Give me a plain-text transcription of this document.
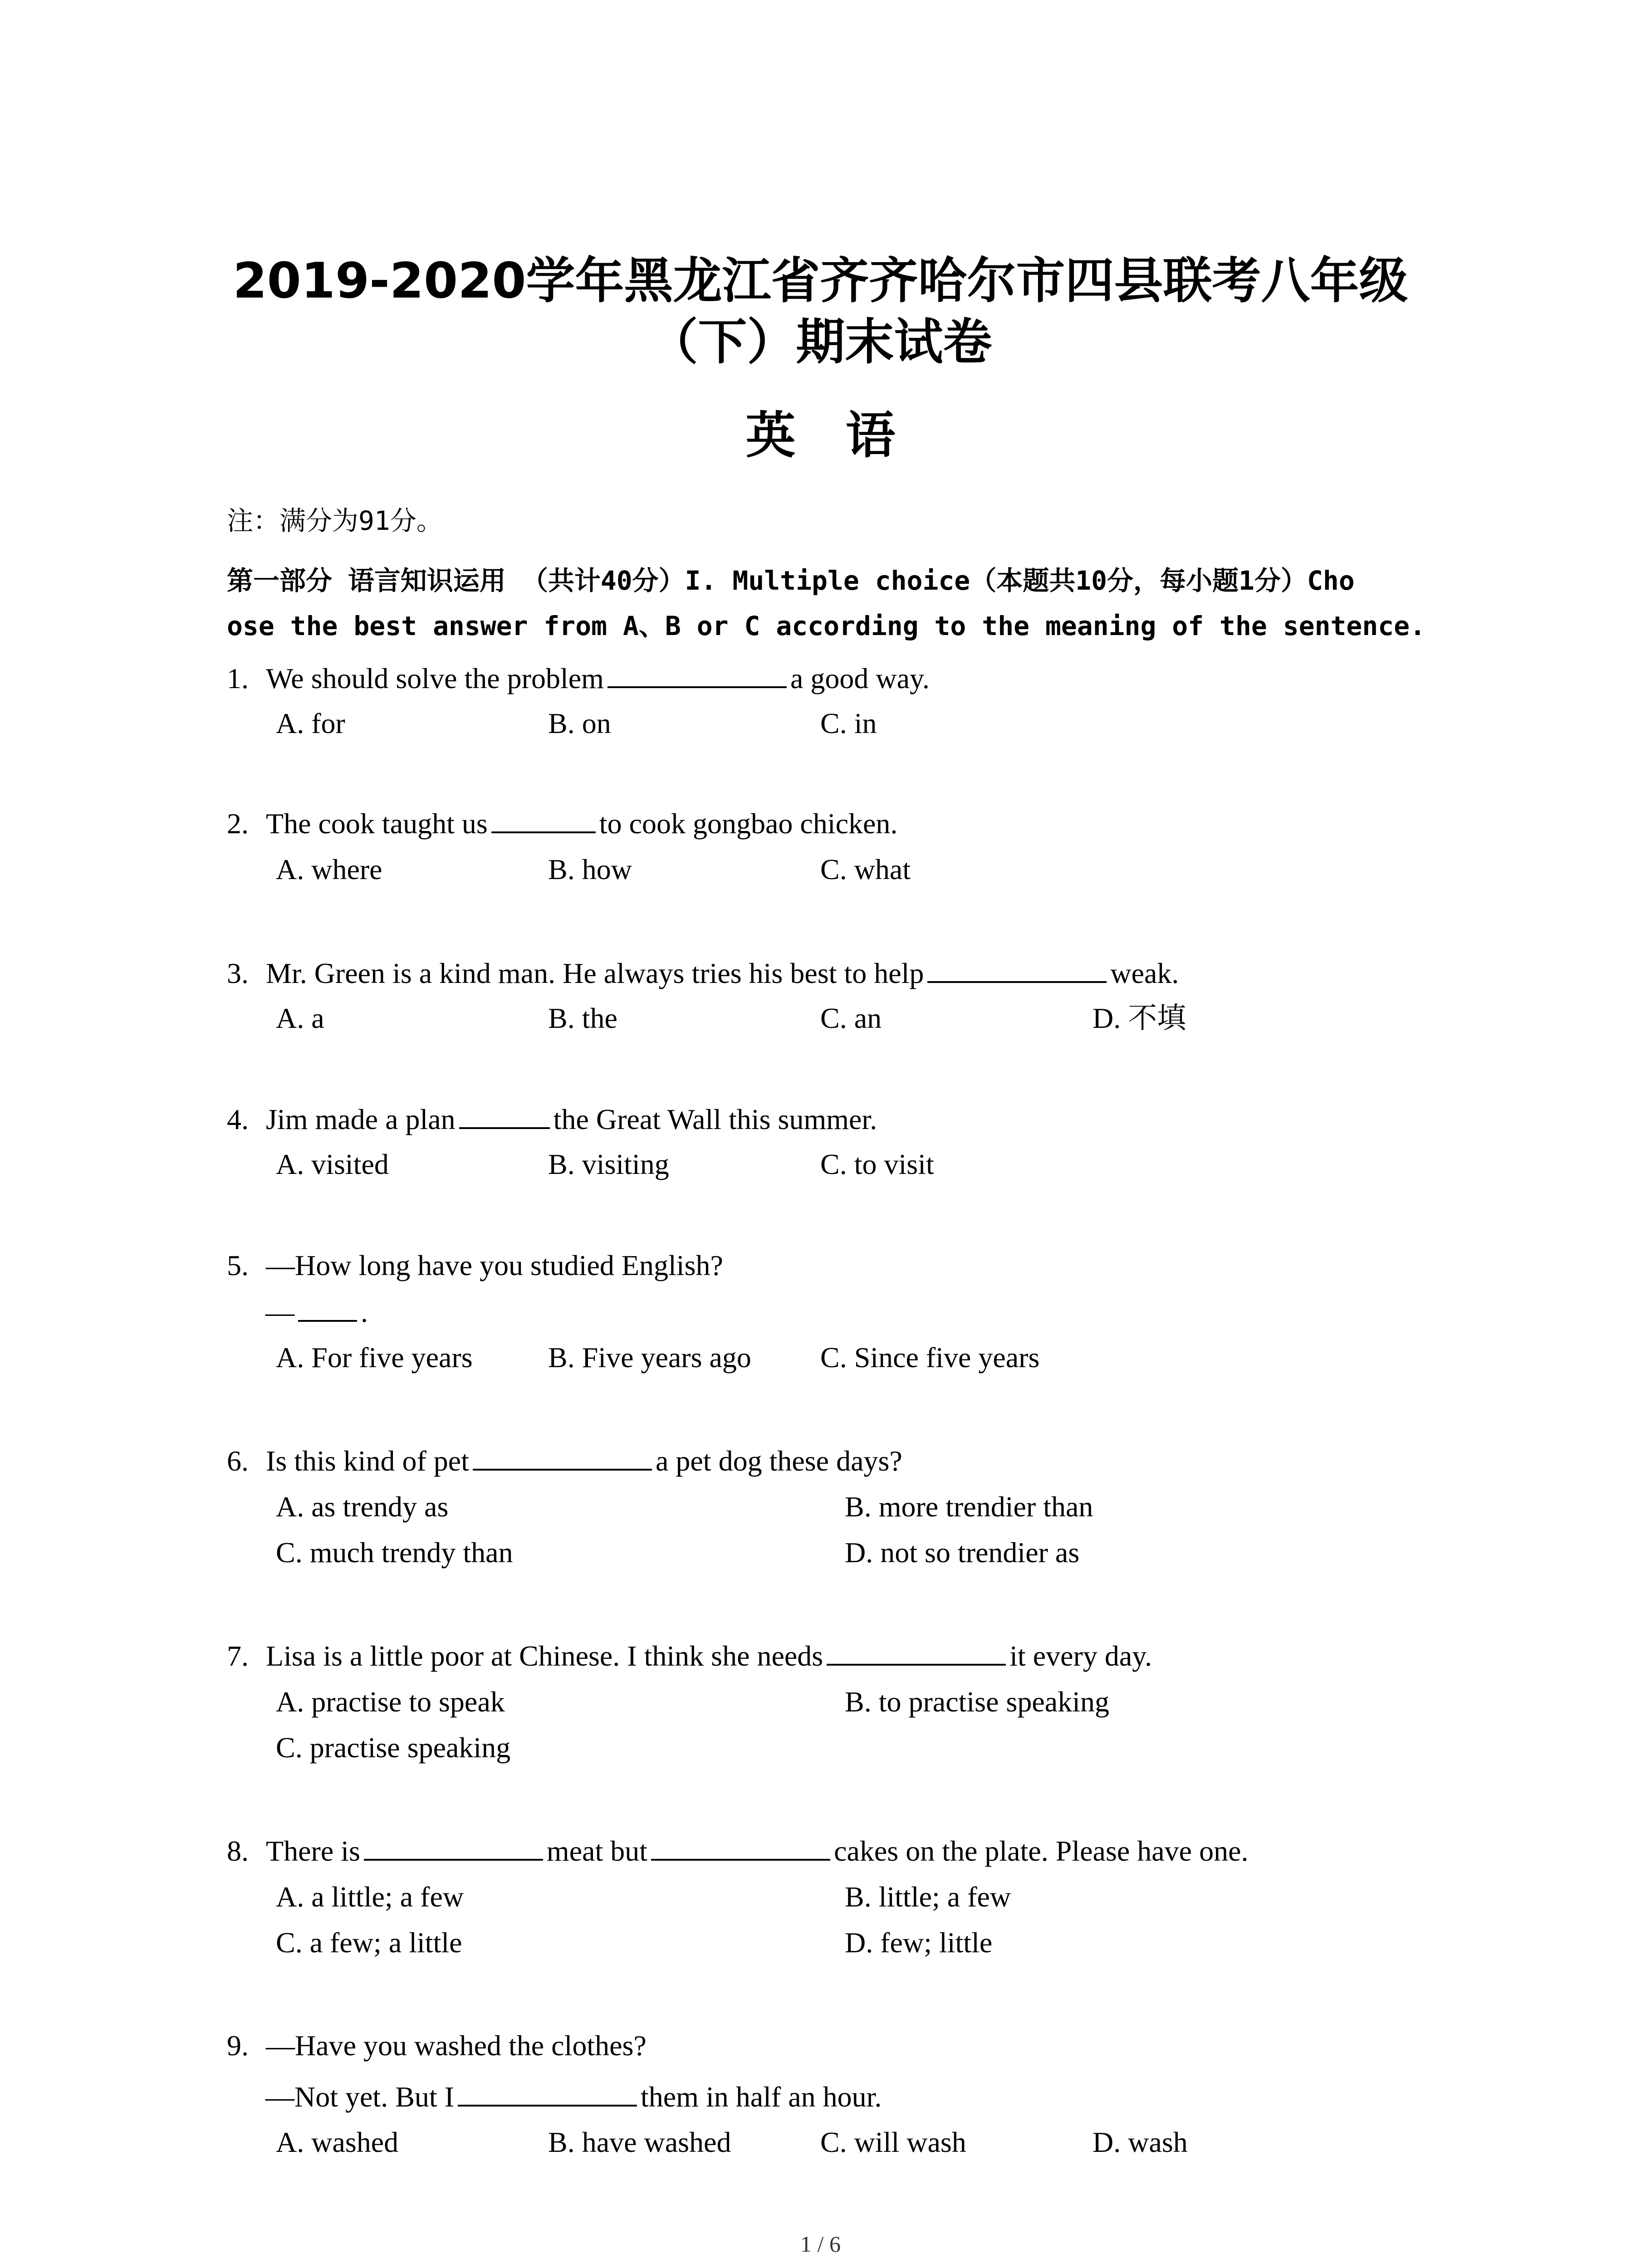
2019-2020学年黑龙江省齐齐哈尔市四县联考八年级
（下）期末试卷
英语
注：满分为91分。
第一部分 语言知识运用 （共计40分）I. Multiple choice（本题共10分，每小题1分）Cho
ose the best answer from A、B or C according to the meaning of the sentence.
1. We should solve the problem	a good way.
A. for	B. on	C. in
2. The cook taught us	to cook gongbao chicken.
A. where	B. how	C. what
3. Mr. Green is a kind man. He always tries his best to help	weak.
A. a	B. the	C. an	D. 不填
4. Jim made a plan	the Great Wall this summer.
A. visited	B. visiting	C. to visit
5. —How long have you studied English?
— .
A. For five years	B. Five years ago C. Since five years
6. Is this kind of pet	a pet dog these days?
A. as trendy as	B. more trendier than
C. much trendy than	D. not so trendier as
7. Lisa is a little poor at Chinese. I think she needs	it every day.
A. practise to speak	B. to practise speaking
C. practise speaking
8. There is	meat but	cakes on the plate. Please have one.
A. a little; a few	B. little; a few
C. a few; a little	D. few; little
9. —Have you washed the clothes?
—Not yet. But I	them in half an hour.
A. washed	B. have washed	C. will wash	D. wash
1 / 6
